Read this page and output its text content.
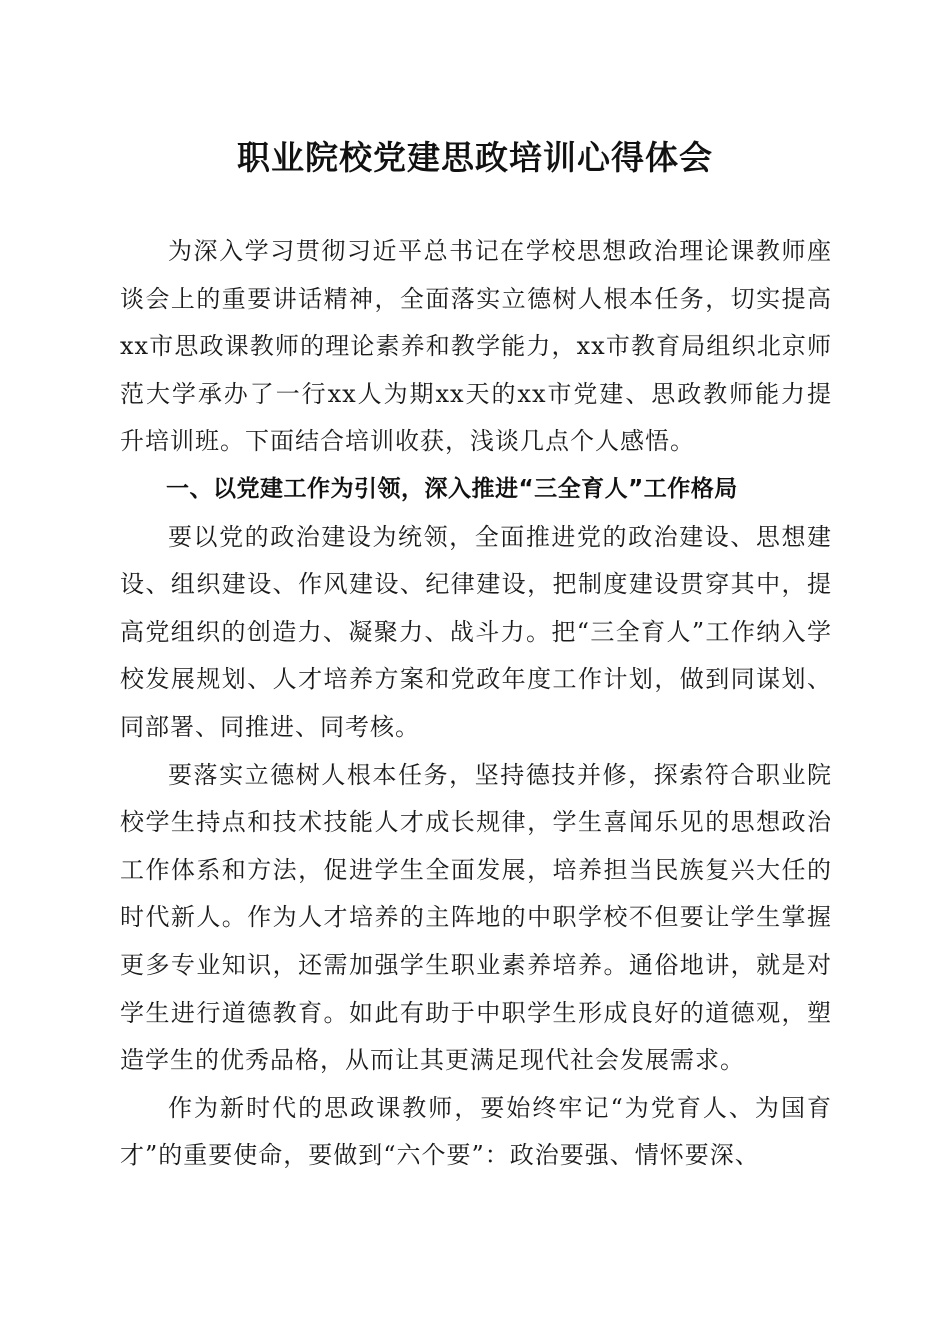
职业院校党建思政培训心得体会

为深入学习贯彻习近平总书记在学校思想政治理论课教师座谈会上的重要讲话精神，全面落实立德树人根本任务，切实提高xx市思政课教师的理论素养和教学能力，xx市教育局组织北京师范大学承办了一行xx人为期xx天的xx市党建、思政教师能力提升培训班。下面结合培训收获，浅谈几点个人感悟。

一、以党建工作为引领，深入推进“三全育人”工作格局

要以党的政治建设为统领，全面推进党的政治建设、思想建设、组织建设、作风建设、纪律建设，把制度建设贯穿其中，提高党组织的创造力、凝聚力、战斗力。把“三全育人”工作纳入学校发展规划、人才培养方案和党政年度工作计划，做到同谋划、同部署、同推进、同考核。

要落实立德树人根本任务，坚持德技并修，探索符合职业院校学生持点和技术技能人才成长规律，学生喜闻乐见的思想政治工作体系和方法，促进学生全面发展，培养担当民族复兴大任的时代新人。作为人才培养的主阵地的中职学校不但要让学生掌握更多专业知识，还需加强学生职业素养培养。通俗地讲，就是对学生进行道德教育。如此有助于中职学生形成良好的道德观，塑造学生的优秀品格，从而让其更满足现代社会发展需求。

作为新时代的思政课教师，要始终牢记“为党育人、为国育才”的重要使命，要做到“六个要”：政治要强、情怀要深、
